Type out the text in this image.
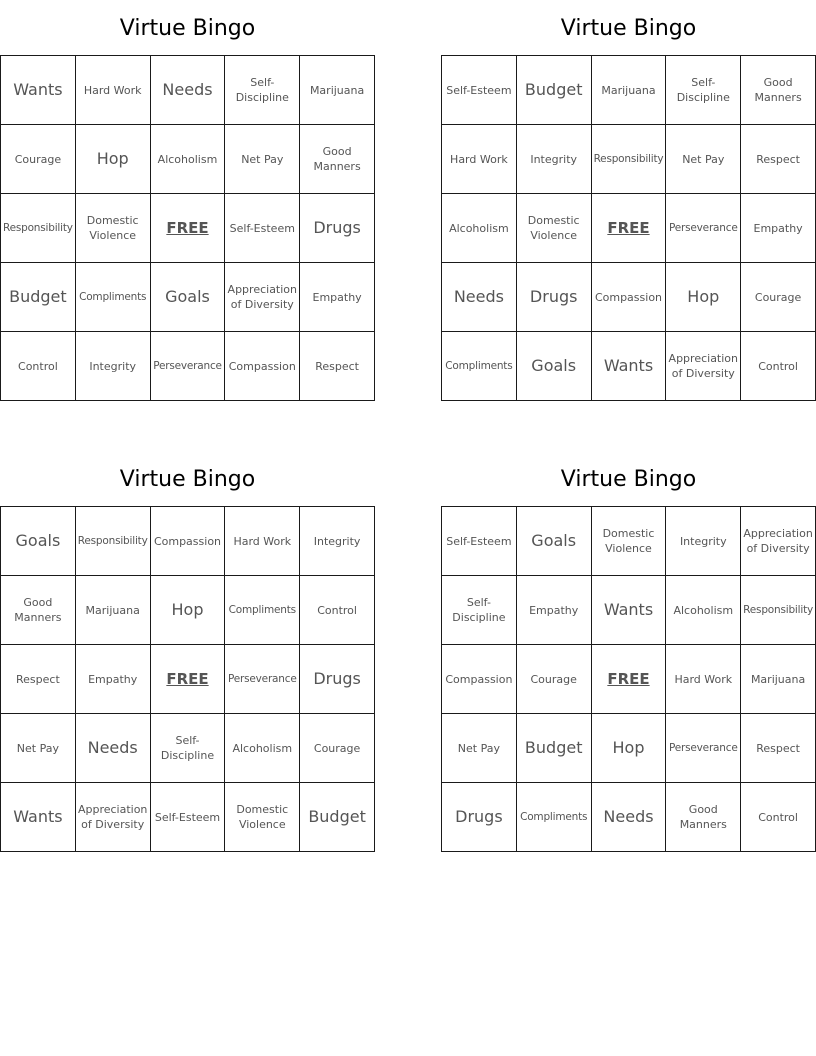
Virtue Bingo
Wants	Hard Work	Needs	Self-Discipline	Marijuana
Courage	Hop	Alcoholism	Net Pay	Good Manners
Responsibility	Domestic Violence	FREE	Self-Esteem	Drugs
Budget	Compliments	Goals	Appreciation of Diversity	Empathy
Control	Integrity	Perseverance	Compassion	Respect
Virtue Bingo
Self-Esteem	Budget	Marijuana	Self-Discipline	Good Manners
Hard Work	Integrity	Responsibility	Net Pay	Respect
Alcoholism	Domestic Violence	FREE	Perseverance	Empathy
Needs	Drugs	Compassion	Hop	Courage
Compliments	Goals	Wants	Appreciation of Diversity	Control
Virtue Bingo
Goals	Responsibility	Compassion	Hard Work	Integrity
Good Manners	Marijuana	Hop	Compliments	Control
Respect	Empathy	FREE	Perseverance	Drugs
Net Pay	Needs	Self-Discipline	Alcoholism	Courage
Wants	Appreciation of Diversity	Self-Esteem	Domestic Violence	Budget
Virtue Bingo
Self-Esteem	Goals	Domestic Violence	Integrity	Appreciation of Diversity
Self-Discipline	Empathy	Wants	Alcoholism	Responsibility
Compassion	Courage	FREE	Hard Work	Marijuana
Net Pay	Budget	Hop	Perseverance	Respect
Drugs	Compliments	Needs	Good Manners	Control
